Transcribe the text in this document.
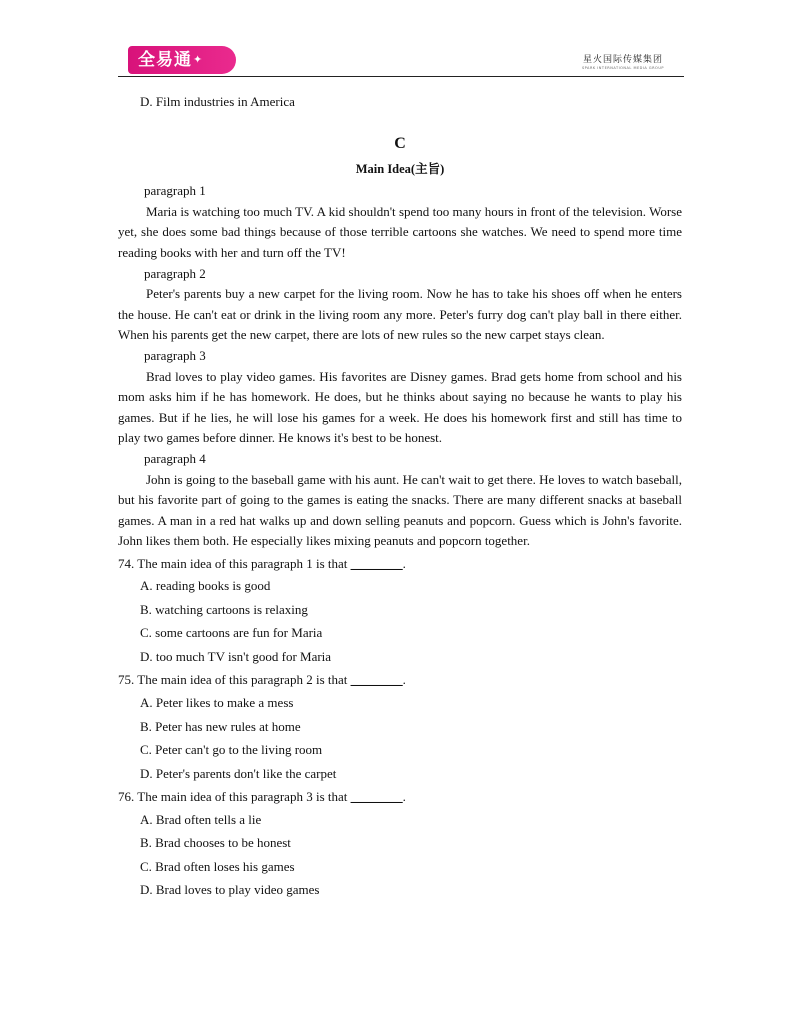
全易通✦	星火国际传媒集团
SPARK INTERNATIONAL MEDIA GROUP

D. Film industries in America

C

Main Idea(主旨)

paragraph 1

Maria is watching too much TV. A kid shouldn't spend too many hours in front of the television. Worse yet, she does some bad things because of those terrible cartoons she watches. We need to spend more time reading books with her and turn off the TV!

paragraph 2

Peter's parents buy a new carpet for the living room. Now he has to take his shoes off when he enters the house. He can't eat or drink in the living room any more. Peter's furry dog can't play ball in there either. When his parents get the new carpet, there are lots of new rules so the new carpet stays clean.

paragraph 3

Brad loves to play video games. His favorites are Disney games. Brad gets home from school and his mom asks him if he has homework. He does, but he thinks about saying no because he wants to play his games. But if he lies, he will lose his games for a week. He does his homework first and still has time to play two games before dinner. He knows it's best to be honest.

paragraph 4

John is going to the baseball game with his aunt. He can't wait to get there. He loves to watch baseball, but his favorite part of going to the games is eating the snacks. There are many different snacks at baseball games. A man in a red hat walks up and down selling peanuts and popcorn. Guess which is John's favorite. John likes them both. He especially likes mixing peanuts and popcorn together.

74. The main idea of this paragraph 1 is that ________.

A. reading books is good

B. watching cartoons is relaxing

C. some cartoons are fun for Maria

D. too much TV isn't good for Maria

75. The main idea of this paragraph 2 is that ________.

A. Peter likes to make a mess

B. Peter has new rules at home

C. Peter can't go to the living room

D. Peter's parents don't like the carpet

76. The main idea of this paragraph 3 is that ________.

A. Brad often tells a lie

B. Brad chooses to be honest

C. Brad often loses his games

D. Brad loves to play video games
